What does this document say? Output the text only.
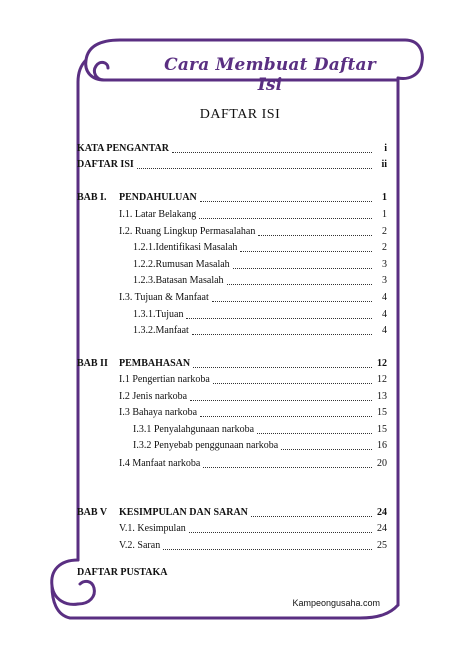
Cara Membuat Daftar Isi
DAFTAR ISI
KATA PENGANTAR	i
DAFTAR ISI	ii
BAB I.	PENDAHULUAN	1
I.1. Latar Belakang	1
I.2. Ruang Lingkup Permasalahan	2
1.2.1.Identifikasi Masalah	2
1.2.2.Rumusan Masalah	3
1.2.3.Batasan Masalah	3
I.3. Tujuan & Manfaat	4
1.3.1.Tujuan	4
1.3.2.Manfaat	4
BAB II	PEMBAHASAN	12
I.1 Pengertian narkoba	12
I.2 Jenis narkoba	13
I.3 Bahaya narkoba	15
I.3.1 Penyalahgunaan narkoba	15
I.3.2 Penyebab penggunaan narkoba	16
I.4 Manfaat narkoba	20
BAB V	KESIMPULAN DAN SARAN	24
V.1. Kesimpulan	24
V.2. Saran	25
DAFTAR PUSTAKA
Kampeongusaha.com
